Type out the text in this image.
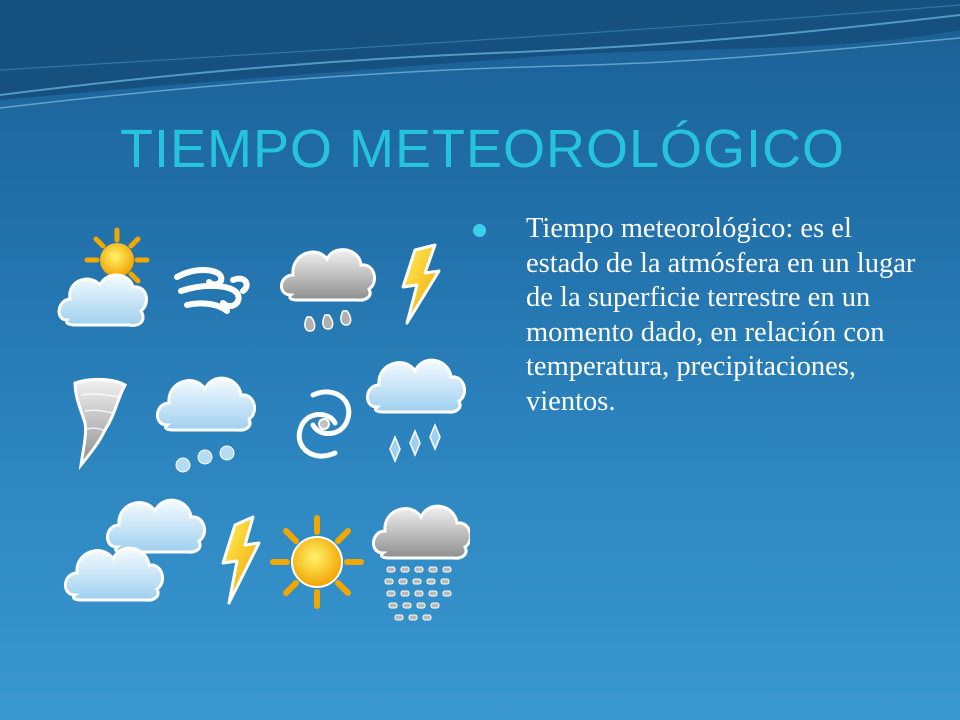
TIEMPO METEOROLÓGICO

Tiempo meteorológico: es el estado de la atmósfera en un lugar de la superficie terrestre en un momento dado, en relación con temperatura, precipitaciones, vientos.
